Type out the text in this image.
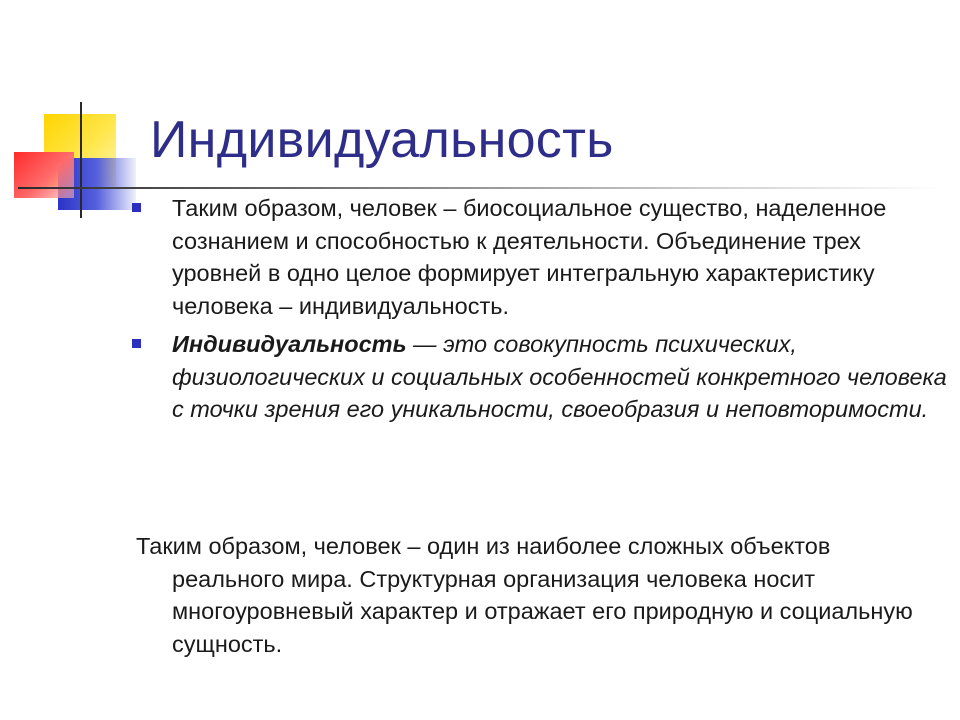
Индивидуальность
Таким образом, человек – биосоциальное существо, наделенное сознанием и способностью к деятельности. Объединение трех уровней в одно целое формирует интегральную характеристику человека – индивидуальность.
Индивидуальность — это совокупность психических, физиологических и социальных особенностей конкретного человека с точки зрения его уникальности, своеобразия и неповторимости.

Таким образом, человек – один из наиболее сложных объектов реального мира. Структурная организация человека носит многоуровневый характер и отражает его природную и социальную сущность.
